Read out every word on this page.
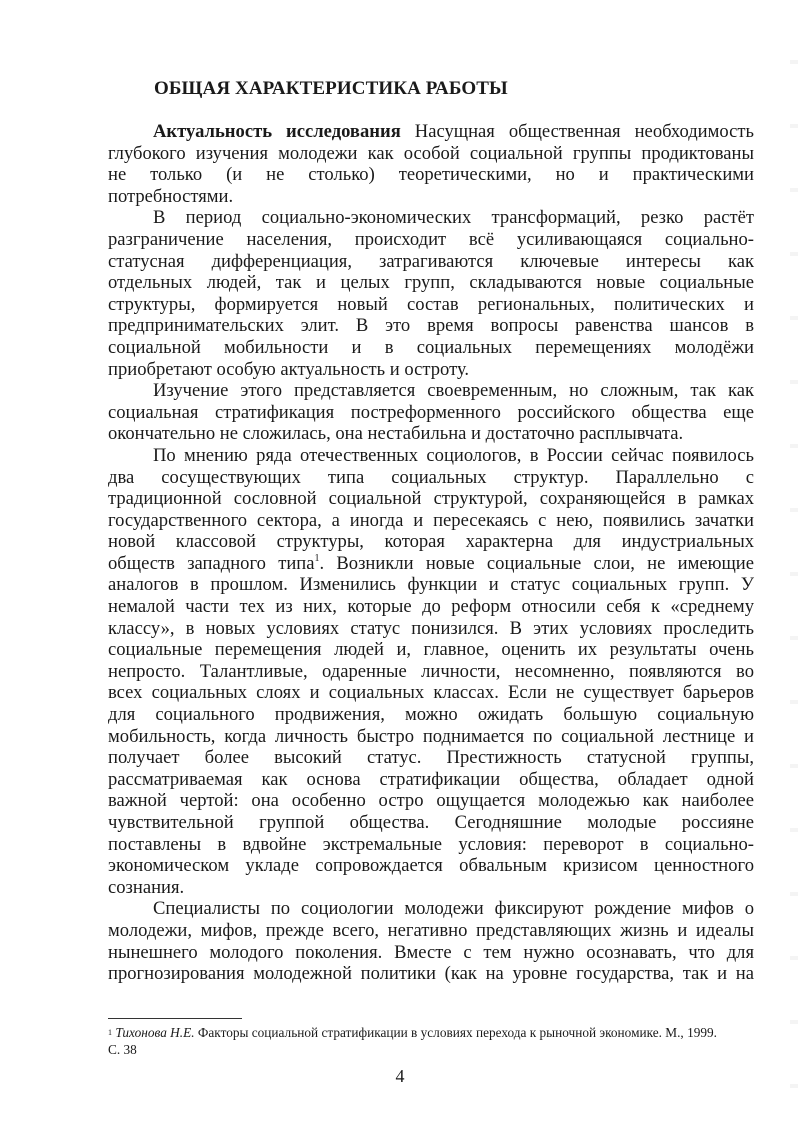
ОБЩАЯ ХАРАКТЕРИСТИКА РАБОТЫ
Актуальность исследования Насущная общественная необходимость
глубокого изучения молодежи как особой социальной группы продиктованы
не только (и не столько) теоретическими, но и практическими
потребностями.
В период социально-экономических трансформаций, резко растёт
разграничение населения, происходит всё усиливающаяся социально-
статусная дифференциация, затрагиваются ключевые интересы как
отдельных людей, так и целых групп, складываются новые социальные
структуры, формируется новый состав региональных, политических и
предпринимательских элит. В это время вопросы равенства шансов в
социальной мобильности и в социальных перемещениях молодёжи
приобретают особую актуальность и остроту.
Изучение этого представляется своевременным, но сложным, так как
социальная стратификация постреформенного российского общества еще
окончательно не сложилась, она нестабильна и достаточно расплывчата.
По мнению ряда отечественных социологов, в России сейчас появилось
два сосуществующих типа социальных структур. Параллельно с
традиционной сословной социальной структурой, сохраняющейся в рамках
государственного сектора, а иногда и пересекаясь с нею, появились зачатки
новой классовой структуры, которая характерна для индустриальных
обществ западного типа$^1$. Возникли новые социальные слои, не имеющие
аналогов в прошлом. Изменились функции и статус социальных групп. У
немалой части тех из них, которые до реформ относили себя к «среднему
классу», в новых условиях статус понизился. В этих условиях проследить
социальные перемещения людей и, главное, оценить их результаты очень
непросто. Талантливые, одаренные личности, несомненно, появляются во
всех социальных слоях и социальных классах. Если не существует барьеров
для социального продвижения, можно ожидать большую социальную
мобильность, когда личность быстро поднимается по социальной лестнице и
получает более высокий статус. Престижность статусной группы,
рассматриваемая как основа стратификации общества, обладает одной
важной чертой: она особенно остро ощущается молодежью как наиболее
чувствительной группой общества. Сегодняшние молодые россияне
поставлены в вдвойне экстремальные условия: переворот в социально-
экономическом укладе сопровождается обвальным кризисом ценностного
сознания.
Специалисты по социологии молодежи фиксируют рождение мифов о
молодежи, мифов, прежде всего, негативно представляющих жизнь и идеалы
нынешнего молодого поколения. Вместе с тем нужно осознавать, что для
прогнозирования молодежной политики (как на уровне государства, так и на
$^1$ Тихонова Н.Е. Факторы социальной стратификации в условиях перехода к рыночной экономике. М., 1999.
С. 38
4
